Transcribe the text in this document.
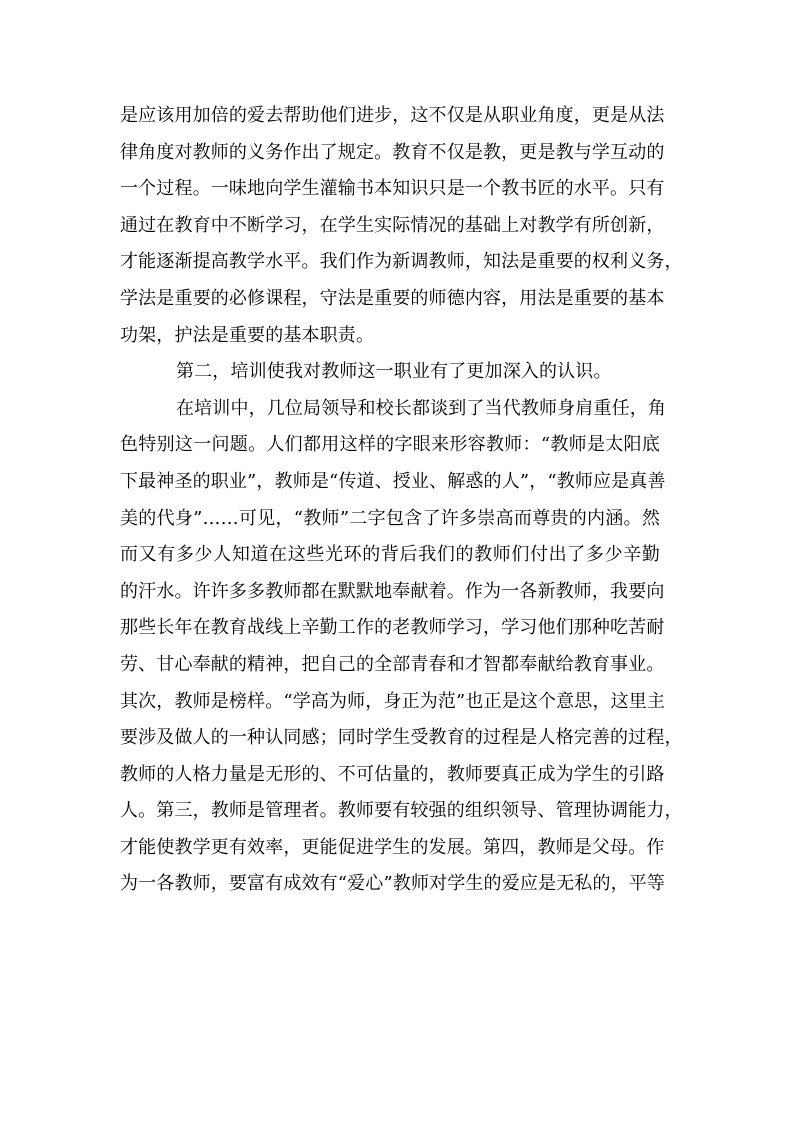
是应该用加倍的爱去帮助他们进步，这不仅是从职业角度，更是从法
律角度对教师的义务作出了规定。教育不仅是教，更是教与学互动的
一个过程。一味地向学生灌输书本知识只是一个教书匠的水平。只有
通过在教育中不断学习，在学生实际情况的基础上对教学有所创新，
才能逐渐提高教学水平。我们作为新调教师，知法是重要的权利义务，
学法是重要的必修课程，守法是重要的师德内容，用法是重要的基本
功架，护法是重要的基本职责。
第二，培训使我对教师这一职业有了更加深入的认识。
在培训中，几位局领导和校长都谈到了当代教师身肩重任，角
色特别这一问题。人们都用这样的字眼来形容教师：“教师是太阳底
下最神圣的职业”，教师是“传道、授业、解惑的人”，“教师应是真善
美的代身”……可见，“教师”二字包含了许多崇高而尊贵的内涵。然
而又有多少人知道在这些光环的背后我们的教师们付出了多少辛勤
的汗水。许许多多教师都在默默地奉献着。作为一各新教师，我要向
那些长年在教育战线上辛勤工作的老教师学习，学习他们那种吃苦耐
劳、甘心奉献的精神，把自己的全部青春和才智都奉献给教育事业。
其次，教师是榜样。“学高为师，身正为范”也正是这个意思，这里主
要涉及做人的一种认同感；同时学生受教育的过程是人格完善的过程，
教师的人格力量是无形的、不可估量的，教师要真正成为学生的引路
人。第三，教师是管理者。教师要有较强的组织领导、管理协调能力，
才能使教学更有效率，更能促进学生的发展。第四，教师是父母。作
为一各教师，要富有成效有“爱心”教师对学生的爱应是无私的，平等
